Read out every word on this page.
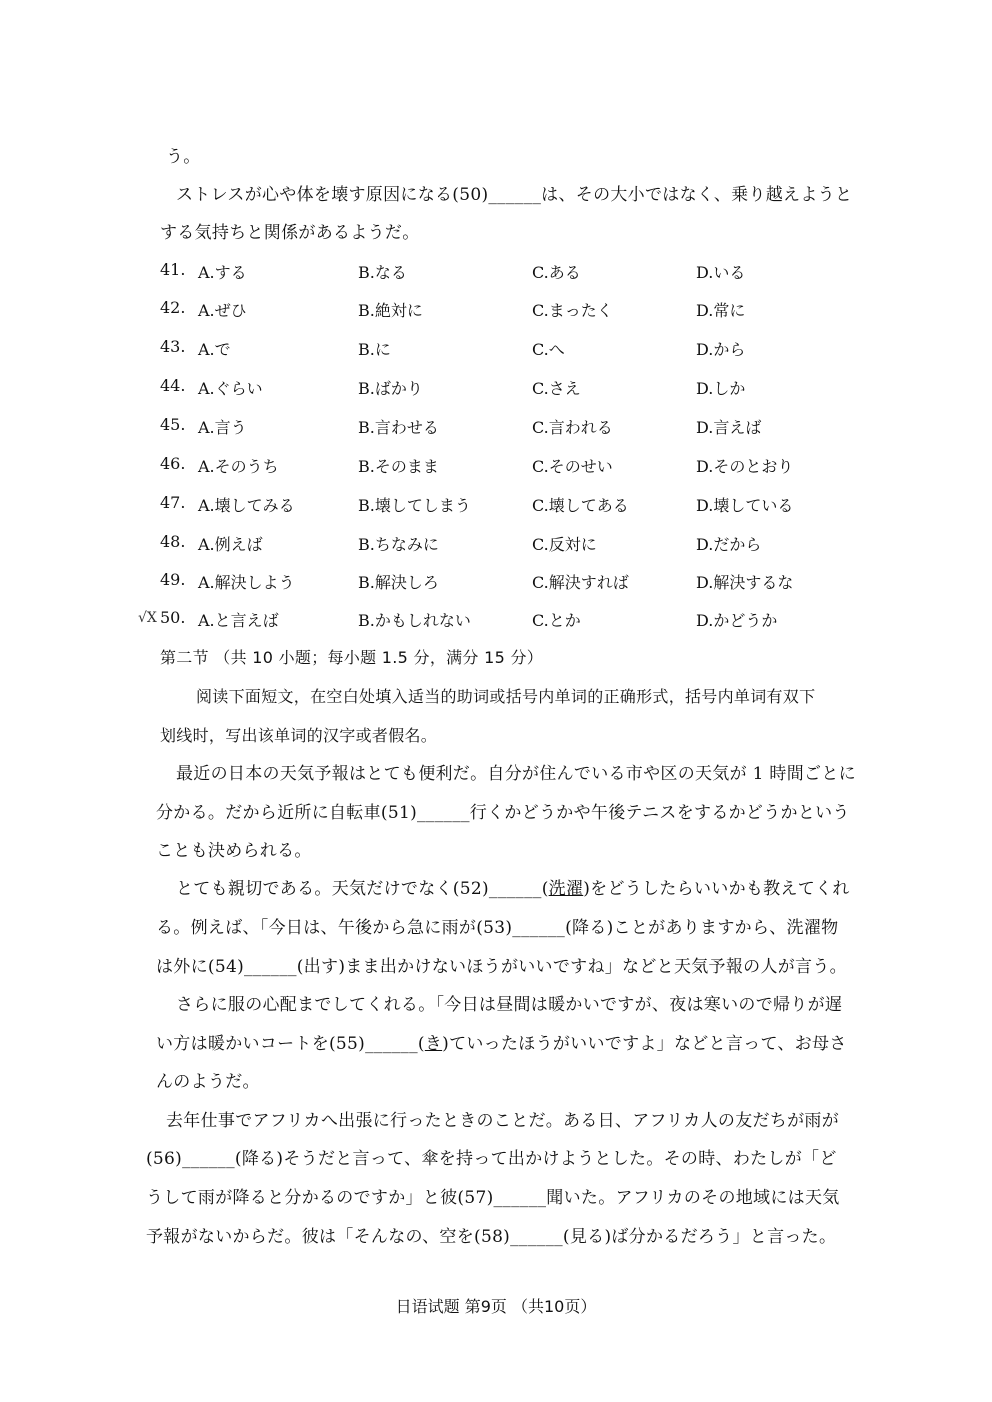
う。
ストレスが心や体を壊す原因になる(50)______は、その大小ではなく、乗り越えようと
する気持ちと関係があるようだ。
41. A.する	B.なる	C.ある	D.いる
42. A.ぜひ	B.絶対に	C.まったく	D.常に
43. A.で	B.に	C.へ	D.から
44. A.ぐらい	B.ばかり	C.さえ	D.しか
45. A.言う	B.言わせる	C.言われる	D.言えば
46. A.そのうち	B.そのまま	C.そのせい	D.そのとおり
47. A.壊してみる	B.壊してしまう	C.壊してある	D.壊している
48. A.例えば	B.ちなみに	C.反対に	D.だから
49. A.解決しよう	B.解決しろ	C.解決すれば	D.解決するな
√X 50. A.と言えば	B.かもしれない	C.とか	D.かどうか
第二节 （共 10 小题；每小题 1.5 分，满分 15 分）
阅读下面短文，在空白处填入适当的助词或括号内单词的正确形式，括号内单词有双下
划线时，写出该单词的汉字或者假名。
最近の日本の天気予報はとても便利だ。自分が住んでいる市や区の天気が 1 時間ごとに
分かる。だから近所に自転車(51)______行くかどうかや午後テニスをするかどうかという
ことも決められる。
とても親切である。天気だけでなく(52)______(洗濯)をどうしたらいいかも教えてくれ
る。例えば、「今日は、午後から急に雨が(53)______(降る)ことがありますから、洗濯物
は外に(54)______(出す)まま出かけないほうがいいですね」などと天気予報の人が言う。
さらに服の心配までしてくれる。「今日は昼間は暖かいですが、夜は寒いので帰りが遅
い方は暖かいコートを(55)______(き)ていったほうがいいですよ」などと言って、お母さ
んのようだ。
去年仕事でアフリカへ出張に行ったときのことだ。ある日、アフリカ人の友だちが雨が
(56)______(降る)そうだと言って、傘を持って出かけようとした。その時、わたしが「ど
うして雨が降ると分かるのですか」と彼(57)______聞いた。アフリカのその地域には天気
予報がないからだ。彼は「そんなの、空を(58)______(見る)ば分かるだろう」と言った。
日语试题 第9页 （共10页）
